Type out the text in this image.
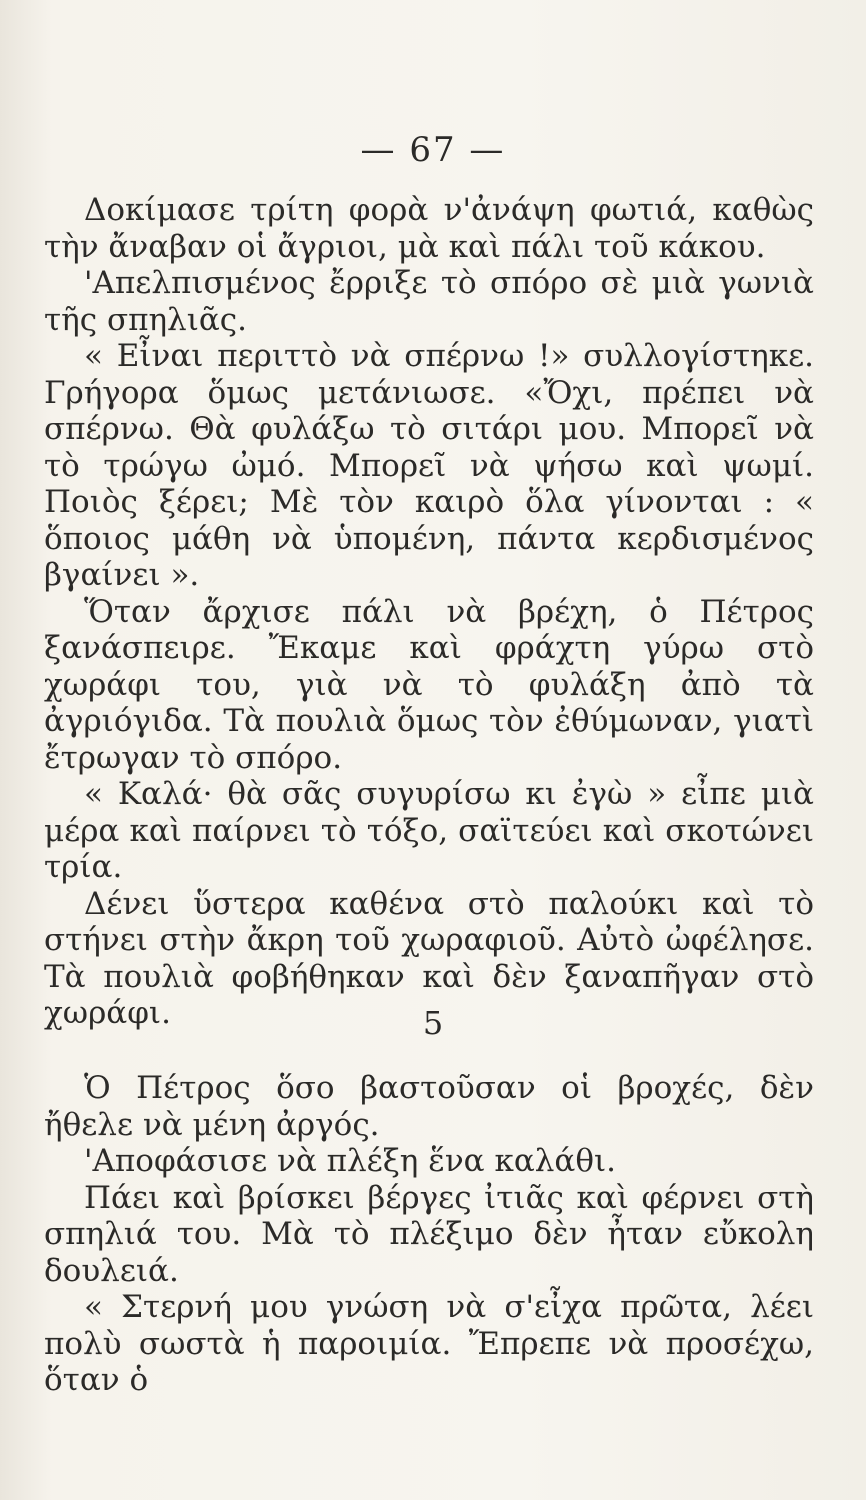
— 67 —

Δοκίμασε τρίτη φορὰ ν'ἀνάψη φωτιά, καθὼς τὴν ἄναβαν οἱ ἄγριοι, μὰ καὶ πάλι τοῦ κάκου.

'Απελπισμένος ἔρριξε τὸ σπόρο σὲ μιὰ γωνιὰ τῆς σπηλιᾶς.

« Εἶναι περιττὸ νὰ σπέρνω !» συλλογίστηκε. Γρήγορα ὅμως μετάνιωσε. «Ὄχι, πρέπει νὰ σπέρνω. Θὰ φυλάξω τὸ σιτάρι μου. Μπορεῖ νὰ τὸ τρώγω ὠμό. Μπορεῖ νὰ ψήσω καὶ ψωμί. Ποιὸς ξέρει; Μὲ τὸν καιρὸ ὅλα γίνονται : « ὅποιος μάθη νὰ ὑπομένη, πάντα κερδισμένος βγαίνει ».

Ὅταν ἄρχισε πάλι νὰ βρέχη, ὁ Πέτρος ξανάσπειρε. Ἔκαμε καὶ φράχτη γύρω στὸ χωράφι του, γιὰ νὰ τὸ φυλάξη ἀπὸ τὰ ἀγριόγιδα. Τὰ πουλιὰ ὅμως τὸν ἐθύμωναν, γιατὶ ἔτρωγαν τὸ σπόρο.

« Καλά· θὰ σᾶς συγυρίσω κι ἐγὼ » εἶπε μιὰ μέρα καὶ παίρνει τὸ τόξο, σαϊτεύει καὶ σκοτώνει τρία.

Δένει ὕστερα καθένα στὸ παλούκι καὶ τὸ στήνει στὴν ἄκρη τοῦ χωραφιοῦ. Αὐτὸ ὠφέλησε. Τὰ πουλιὰ φοβήθηκαν καὶ δὲν ξαναπῆγαν στὸ χωράφι.	5

Ὁ Πέτρος ὅσο βαστοῦσαν οἱ βροχές, δὲν ἤθελε νὰ μένη ἀργός.

'Αποφάσισε νὰ πλέξη ἕνα καλάθι.

Πάει καὶ βρίσκει βέργες ἰτιᾶς καὶ φέρνει στὴ σπηλιά του. Μὰ τὸ πλέξιμο δὲν ἦταν εὔκολη δουλειά.

« Στερνή μου γνώση νὰ σ'εἶχα πρῶτα, λέει πολὺ σωστὰ ἡ παροιμία. Ἔπρεπε νὰ προσέχω, ὅταν ὁ
